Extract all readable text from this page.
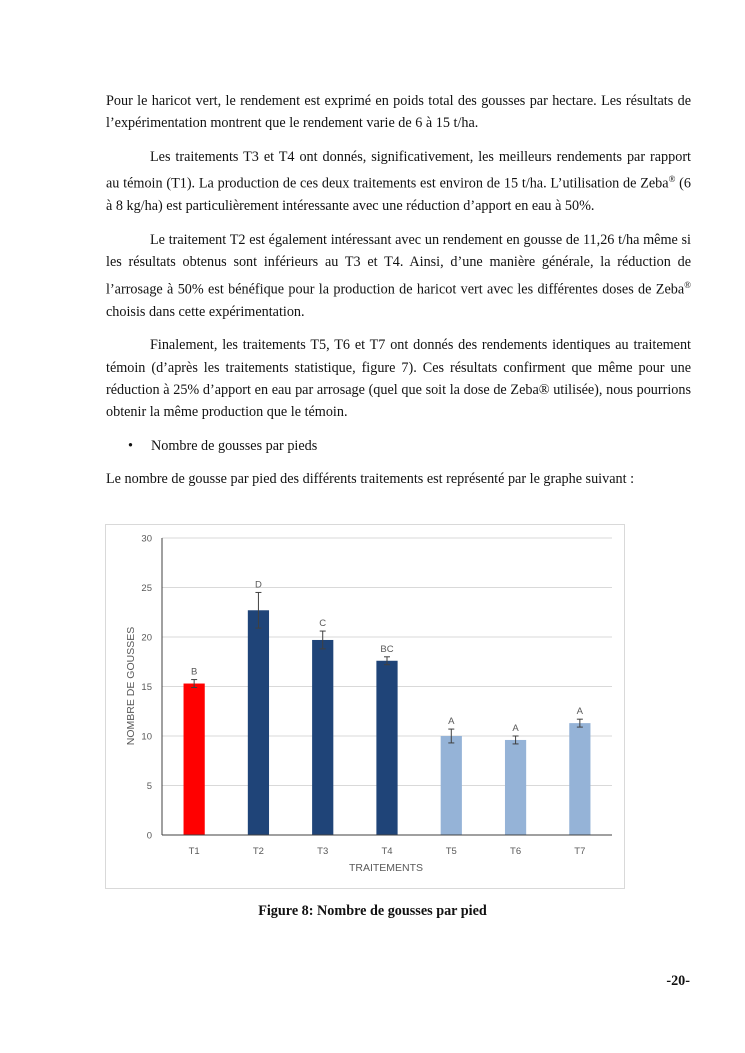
Pour le haricot vert, le rendement est exprimé en poids total des gousses par hectare. Les résultats de l’expérimentation montrent que le rendement varie de 6 à 15 t/ha.

Les traitements T3 et T4 ont donnés, significativement, les meilleurs rendements par rapport au témoin (T1). La production de ces deux traitements est environ de 15 t/ha. L’utilisation de Zeba® (6 à 8 kg/ha) est particulièrement intéressante avec une réduction d’apport en eau à 50%.

Le traitement T2 est également intéressant avec un rendement en gousse de 11,26 t/ha même si les résultats obtenus sont inférieurs au T3 et T4. Ainsi, d’une manière générale, la réduction de l’arrosage à 50% est bénéfique pour la production de haricot vert avec les différentes doses de Zeba® choisis dans cette expérimentation.

Finalement, les traitements T5, T6 et T7 ont donnés des rendements identiques au traitement témoin (d’après les traitements statistique, figure 7). Ces résultats confirment que même pour une réduction à 25% d’apport en eau par arrosage (quel que soit la dose de Zeba® utilisée), nous pourrions obtenir la même production que le témoin.

•	Nombre de gousses par pieds

Le nombre de gousse par pied des différents traitements est représenté par le graphe suivant :

0
5
10
15
20
25
30
B
D
C
BC
A
A
A
T1	T2	T3	T4	T5	T6	T7
TRAITEMENTS
NOMBRE DE GOUSSES
Figure 8: Nombre de gousses par pied
-20-
